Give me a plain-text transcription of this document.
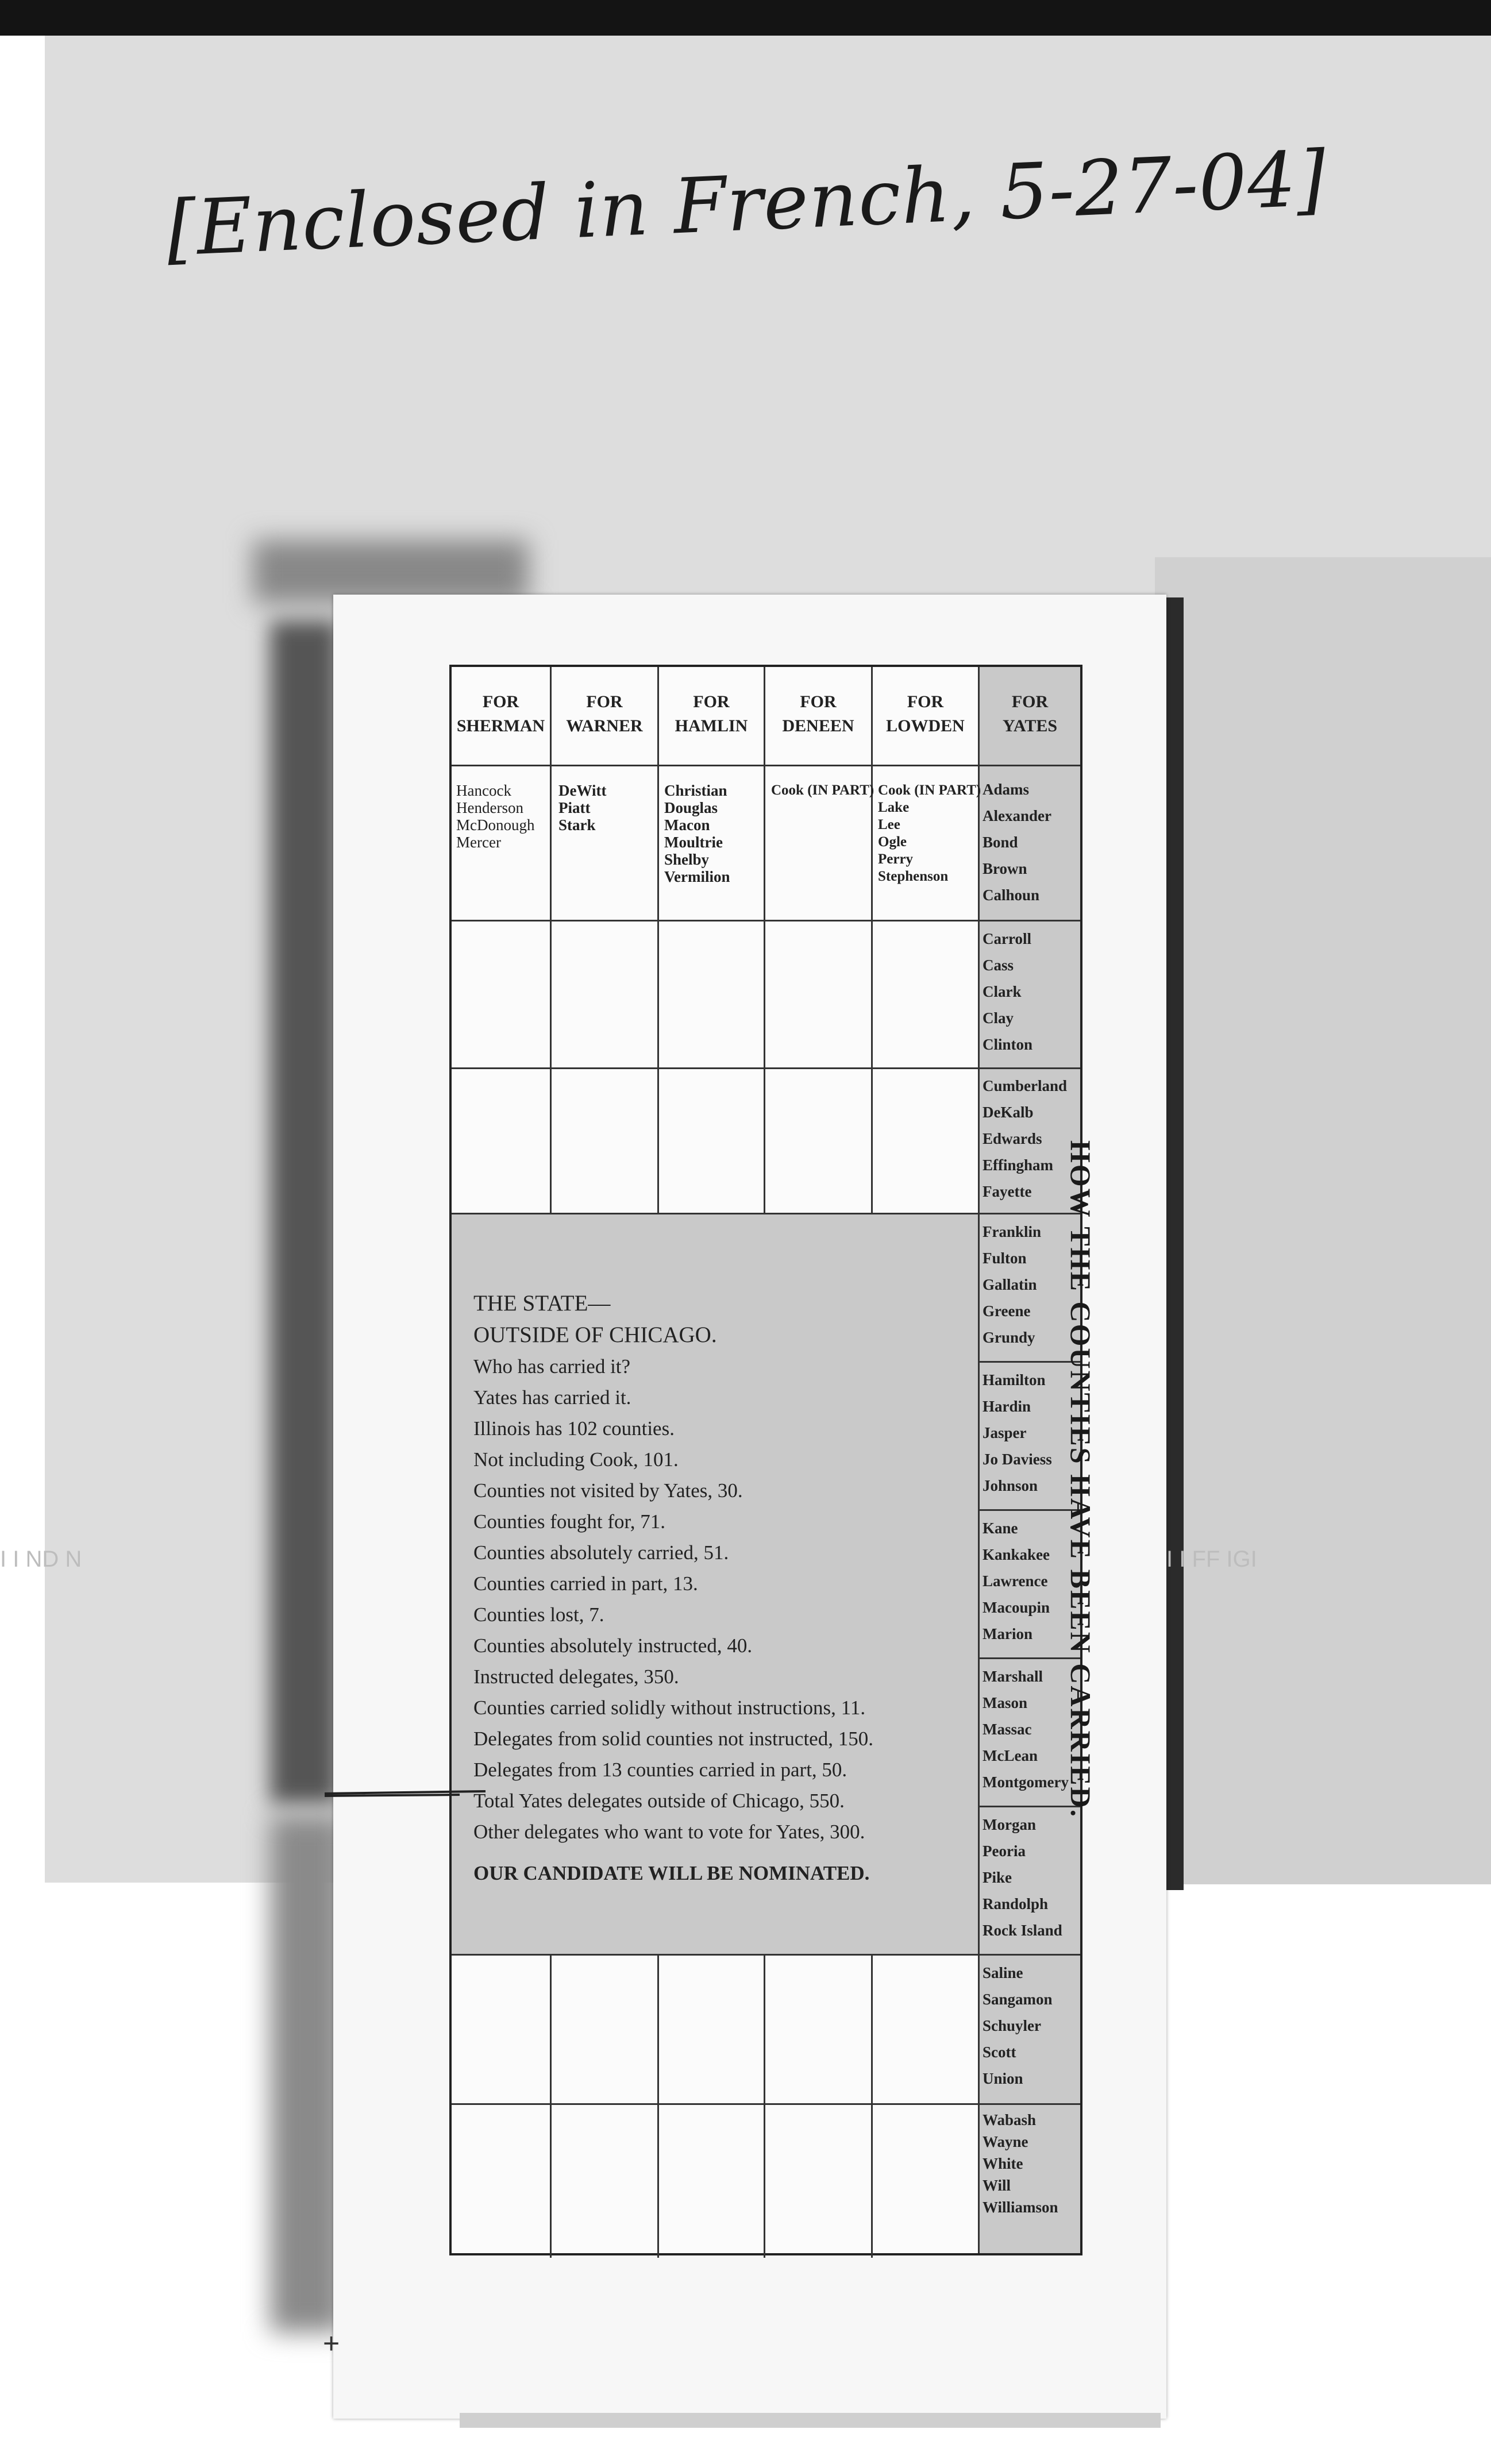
[Enclosed in French, 5-27-04]
I I ND N
FOR
SHERMAN
FOR
WARNER
FOR
HAMLIN
FOR
DENEEN
FOR
LOWDEN
FOR
YATES
Hancock
Henderson
McDonough
Mercer
DeWitt
Piatt
Stark
Christian
Douglas
Macon
Moultrie
Shelby
Vermilion
Cook (IN PART) Cook (IN PART)
Lake
Lee
Ogle
Perry
Stephenson
Adams
Alexander
Bond
Brown
Calhoun
Carroll
Cass
Clark
Clay
Clinton
Cumberland
DeKalb
Edwards
Effingham
Fayette
Franklin
Fulton
Gallatin
Greene
Grundy
Hamilton
Hardin
Jasper
Jo Daviess
Johnson
Kane
Kankakee
Lawrence
Macoupin
Marion
Marshall
Mason
Massac
McLean
Montgomery
Morgan
Peoria
Pike
Randolph
Rock Island
Saline
Sangamon
Schuyler
Scott
Union
Wabash
Wayne
White
Will
Williamson
THE STATE—
OUTSIDE OF CHICAGO.
Who has carried it?
Yates has carried it.
Illinois has 102 counties.
Not including Cook, 101.
Counties not visited by Yates, 30.
Counties fought for, 71.
Counties absolutely carried, 51.
Counties carried in part, 13.
Counties lost, 7.
Counties absolutely instructed, 40.
Instructed delegates, 350.
Counties carried solidly without instructions, 11.
Delegates from solid counties not instructed, 150.
Delegates from 13 counties carried in part, 50.
Total Yates delegates outside of Chicago, 550.
Other delegates who want to vote for Yates, 300.
OUR CANDIDATE WILL BE NOMINATED.
HOW THE COUNTIES HAVE BEEN CARRIED.
+
I I FF IGI
